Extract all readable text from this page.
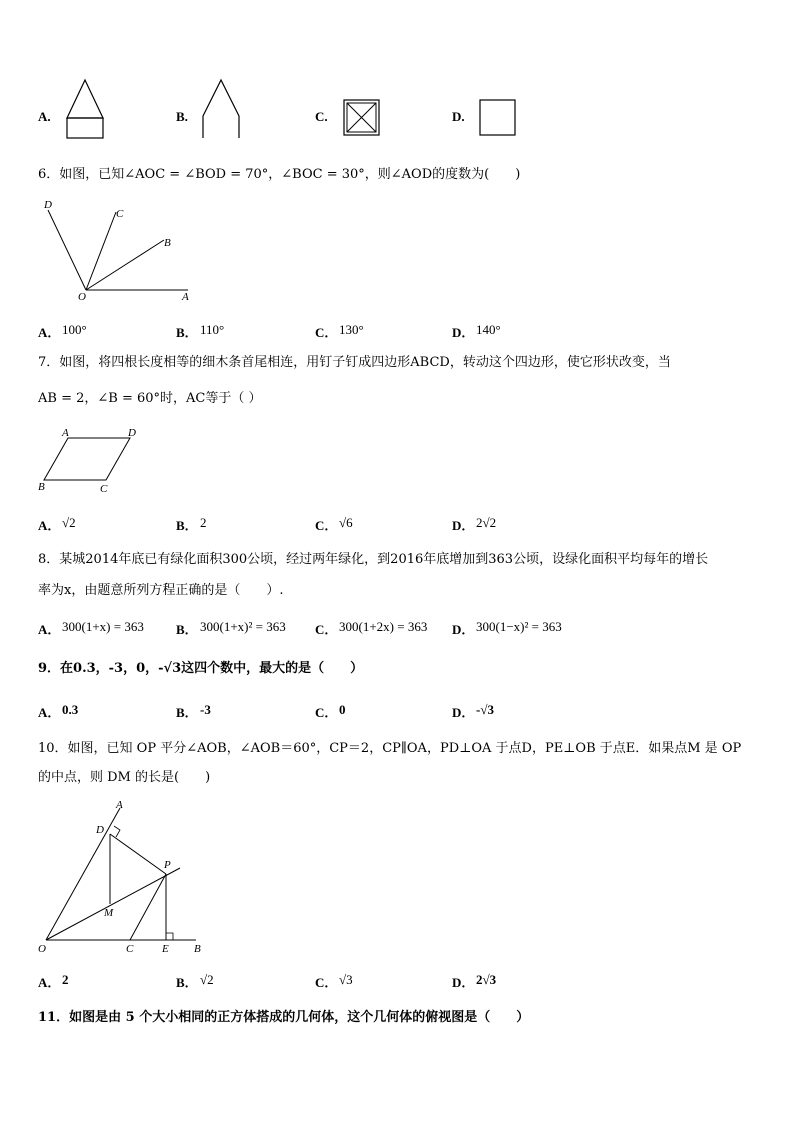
A.	B.	C.	D.
6．如图，已知∠AOC = ∠BOD = 70°，∠BOC = 30°，则∠AOD的度数为(　　)
D
C
B
O	A
A． 100°	B． 110°	C． 130°	D． 140°
7．如图，将四根长度相等的细木条首尾相连，用钉子钉成四边形ABCD，转动这个四边形，使它形状改变，当
AB = 2，∠B = 60°时，AC等于（ ）
A	D
B	C
A． √2	B． 2	C． √6	D． 2√2
8．某城2014年底已有绿化面积300公顷，经过两年绿化，到2016年底增加到363公顷，设绿化面积平均每年的增长
率为x，由题意所列方程正确的是（　　）.
A． 300(1+x) = 363 B． 300(1+x)² = 363 C． 300(1+2x) = 363 D． 300(1−x)² = 363
9．在0.3，-3，0，-√3这四个数中，最大的是（　　）
A． 0.3	B． -3	C． 0	D． -√3
10．如图，已知 OP 平分∠AOB，∠AOB＝60°，CP＝2，CP∥OA，PD⊥OA 于点D，PE⊥OB 于点E．如果点M 是 OP
的中点，则 DM 的长是(　　)
A
D
P
M
O	C	E B
A． 2	B． √2	C． √3	D． 2√3
11．如图是由 5 个大小相同的正方体搭成的几何体，这个几何体的俯视图是（　　）
